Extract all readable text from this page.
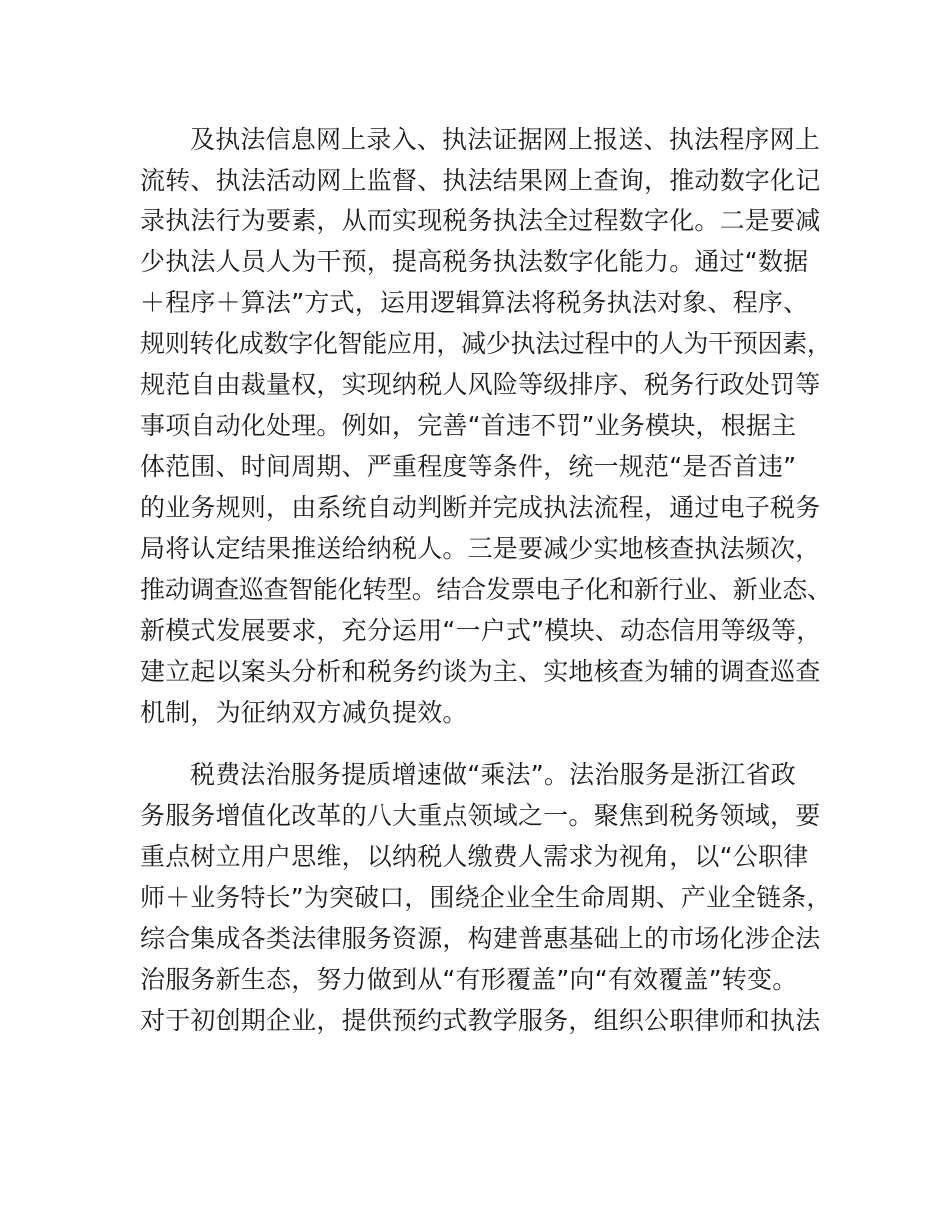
及执法信息网上录入、执法证据网上报送、执法程序网上
流转、执法活动网上监督、执法结果网上查询，推动数字化记
录执法行为要素，从而实现税务执法全过程数字化。二是要减
少执法人员人为干预，提高税务执法数字化能力。通过“数据
＋程序＋算法”方式，运用逻辑算法将税务执法对象、程序、
规则转化成数字化智能应用，减少执法过程中的人为干预因素，
规范自由裁量权，实现纳税人风险等级排序、税务行政处罚等
事项自动化处理。例如，完善“首违不罚”业务模块，根据主
体范围、时间周期、严重程度等条件，统一规范“是否首违”
的业务规则，由系统自动判断并完成执法流程，通过电子税务
局将认定结果推送给纳税人。三是要减少实地核查执法频次，
推动调查巡查智能化转型。结合发票电子化和新行业、新业态、
新模式发展要求，充分运用“一户式”模块、动态信用等级等，
建立起以案头分析和税务约谈为主、实地核查为辅的调查巡查
机制，为征纳双方减负提效。
税费法治服务提质增速做“乘法”。法治服务是浙江省政
务服务增值化改革的八大重点领域之一。聚焦到税务领域，要
重点树立用户思维，以纳税人缴费人需求为视角，以“公职律
师＋业务特长”为突破口，围绕企业全生命周期、产业全链条，
综合集成各类法律服务资源，构建普惠基础上的市场化涉企法
治服务新生态，努力做到从“有形覆盖”向“有效覆盖”转变。
对于初创期企业，提供预约式教学服务，组织公职律师和执法
